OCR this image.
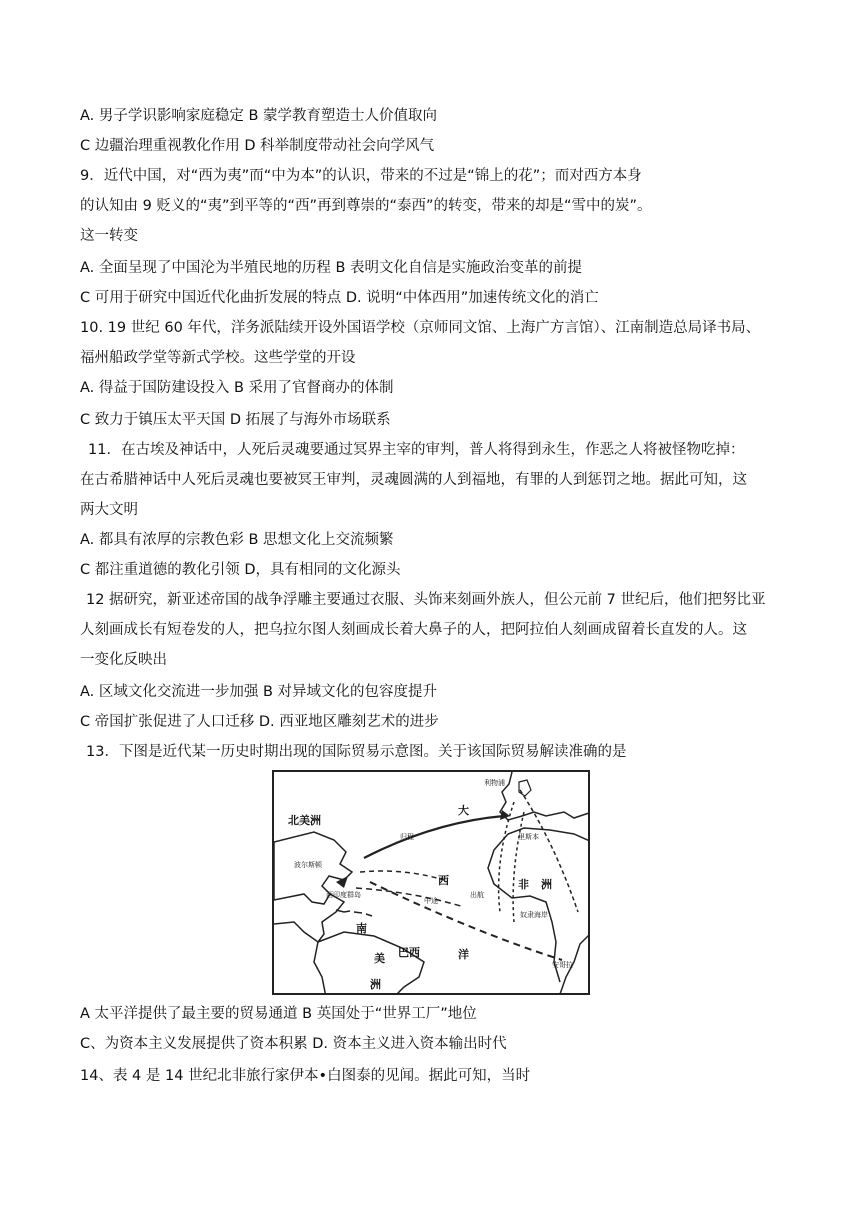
A. 男子学识影响家庭稳定 B 蒙学教育塑造士人价值取向
C 边疆治理重视教化作用 D 科举制度带动社会向学风气
9．近代中国，对“西为夷”而“中为本”的认识，带来的不过是“锦上的花”；而对西方本身
的认知由 9 贬义的“夷”到平等的“西”再到尊崇的“泰西”的转变，带来的却是“雪中的炭”。
这一转变
A. 全面呈现了中国沦为半殖民地的历程 B 表明文化自信是实施政治变革的前提
C 可用于研究中国近代化曲折发展的特点 D. 说明“中体西用”加速传统文化的消亡
10. 19 世纪 60 年代，洋务派陆续开设外国语学校（京师同文馆、上海广方言馆）、江南制造总局译书局、
福州船政学堂等新式学校。这些学堂的开设
A. 得益于国防建设投入 B 采用了官督商办的体制
C 致力于镇压太平天国 D 拓展了与海外市场联系
11．在古埃及神话中，人死后灵魂要通过冥界主宰的审判，普人将得到永生，作恶之人将被怪物吃掉：
在古希腊神话中人死后灵魂也要被冥王审判，灵魂圆满的人到福地，有罪的人到惩罚之地。据此可知，这
两大文明
A. 都具有浓厚的宗教色彩 B 思想文化上交流频繁
C 都注重道德的教化引领 D，具有相同的文化源头
12 据研究，新亚述帝国的战争浮雕主要通过衣服、头饰来刻画外族人，但公元前 7 世纪后，他们把努比亚
人刻画成长有短卷发的人，把乌拉尔图人刻画成长着大鼻子的人，把阿拉伯人刻画成留着长直发的人。这
一变化反映出
A. 区域文化交流进一步加强 B 对异域文化的包容度提升
C 帝国扩张促进了人口迁移 D. 西亚地区雕刻艺术的进步
13．下图是近代某一历史时期出现的国际贸易示意图。关于该国际贸易解读准确的是
北美洲
大
西
洋
非洲
南
美
洲
巴西
利物浦
波尔斯顿
归程
西印度群岛
奴隶海岸
安哥拉
里斯本
出航
中途
A 太平洋提供了最主要的贸易通道 B 英国处于“世界工厂”地位
C、为资本主义发展提供了资本积累 D. 资本主义进入资本输出时代
14、表 4 是 14 世纪北非旅行家伊本•白图泰的见闻。据此可知，当时
